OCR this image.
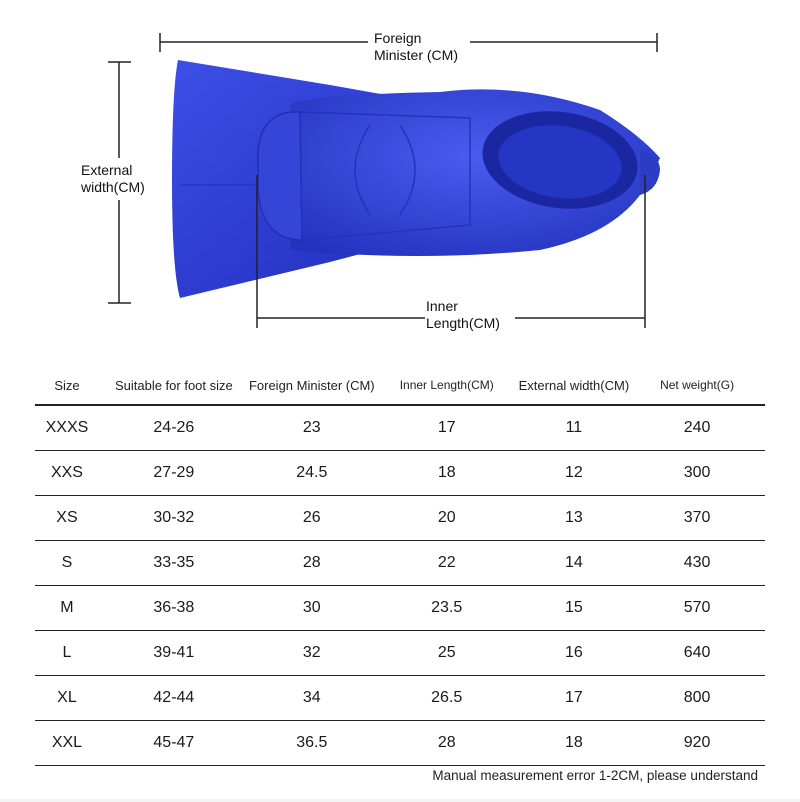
Foreign
Minister (CM)
External
width(CM)
Inner
Length(CM)
Size	Suitable for foot size	Foreign Minister (CM)	Inner Length(CM)	External width(CM)	Net weight(G)
XXXS	24-26	23	17	11	240
XXS	27-29	24.5	18	12	300
XS	30-32	26	20	13	370
S	33-35	28	22	14	430
M	36-38	30	23.5	15	570
L	39-41	32	25	16	640
XL	42-44	34	26.5	17	800
XXL	45-47	36.5	28	18	920
Manual measurement error 1-2CM, please understand
